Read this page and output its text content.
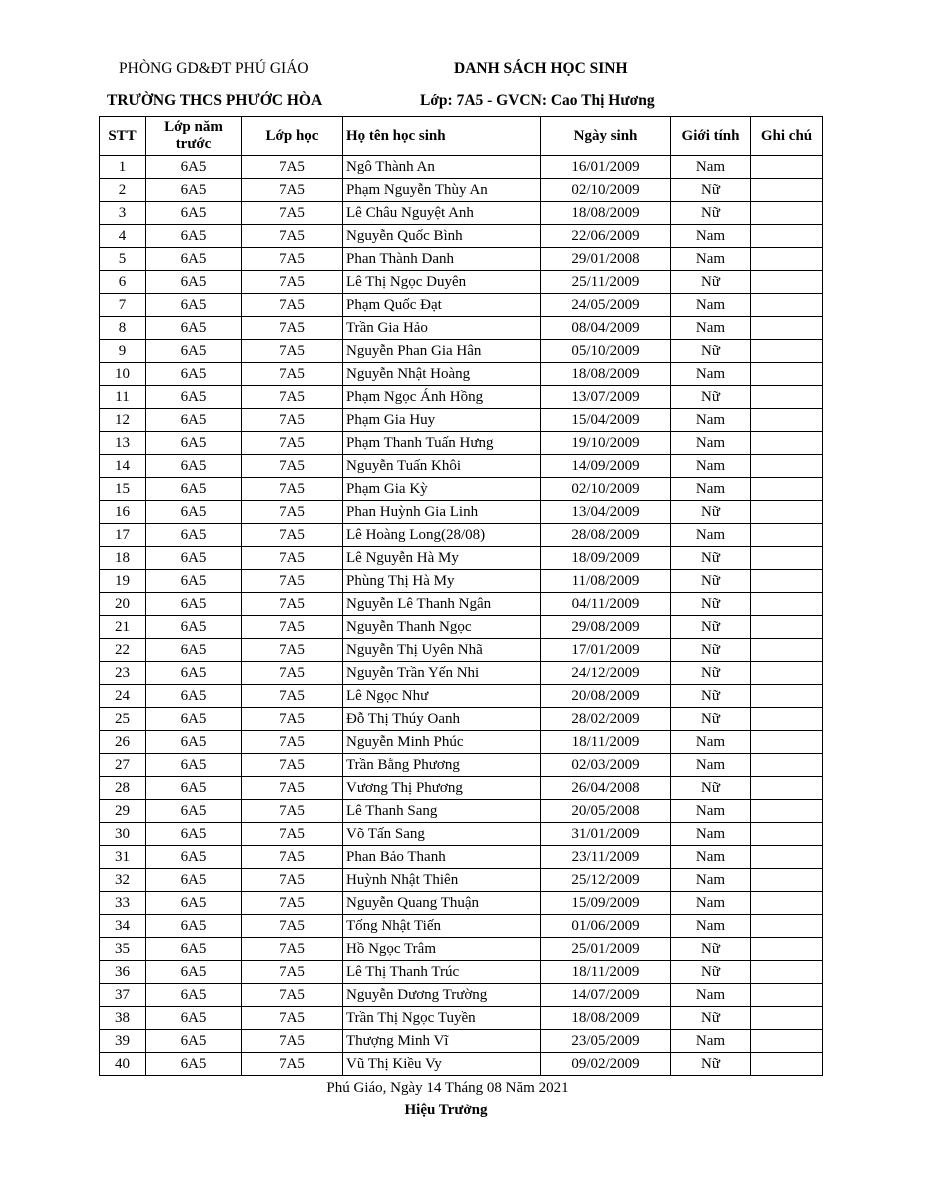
PHÒNG GD&ĐT PHÚ GIÁO
TRƯỜNG THCS PHƯỚC HÒA
DANH SÁCH HỌC SINH
Lớp: 7A5 - GVCN: Cao Thị Hương
STT	Lớp năm trước	Lớp học	Họ tên học sinh	Ngày sinh	Giới tính	Ghi chú
1	6A5	7A5	Ngô Thành An	16/01/2009	Nam	
2	6A5	7A5	Phạm Nguyễn Thùy An	02/10/2009	Nữ	
3	6A5	7A5	Lê Châu Nguyệt Anh	18/08/2009	Nữ	
4	6A5	7A5	Nguyễn Quốc Bình	22/06/2009	Nam	
5	6A5	7A5	Phan Thành Danh	29/01/2008	Nam	
6	6A5	7A5	Lê Thị Ngọc Duyên	25/11/2009	Nữ	
7	6A5	7A5	Phạm Quốc Đạt	24/05/2009	Nam	
8	6A5	7A5	Trần Gia Hảo	08/04/2009	Nam	
9	6A5	7A5	Nguyễn Phan Gia Hân	05/10/2009	Nữ	
10	6A5	7A5	Nguyễn Nhật Hoàng	18/08/2009	Nam	
11	6A5	7A5	Phạm Ngọc Ánh Hồng	13/07/2009	Nữ	
12	6A5	7A5	Phạm Gia Huy	15/04/2009	Nam	
13	6A5	7A5	Phạm Thanh Tuấn Hưng	19/10/2009	Nam	
14	6A5	7A5	Nguyễn Tuấn Khôi	14/09/2009	Nam	
15	6A5	7A5	Phạm Gia Kỳ	02/10/2009	Nam	
16	6A5	7A5	Phan Huỳnh Gia Linh	13/04/2009	Nữ	
17	6A5	7A5	Lê Hoàng Long(28/08)	28/08/2009	Nam	
18	6A5	7A5	Lê Nguyễn Hà My	18/09/2009	Nữ	
19	6A5	7A5	Phùng Thị Hà My	11/08/2009	Nữ	
20	6A5	7A5	Nguyễn Lê Thanh Ngân	04/11/2009	Nữ	
21	6A5	7A5	Nguyễn Thanh Ngọc	29/08/2009	Nữ	
22	6A5	7A5	Nguyễn Thị Uyên Nhã	17/01/2009	Nữ	
23	6A5	7A5	Nguyễn Trần Yến Nhi	24/12/2009	Nữ	
24	6A5	7A5	Lê Ngọc Như	20/08/2009	Nữ	
25	6A5	7A5	Đỗ Thị Thúy Oanh	28/02/2009	Nữ	
26	6A5	7A5	Nguyễn Minh Phúc	18/11/2009	Nam	
27	6A5	7A5	Trần Bằng Phương	02/03/2009	Nam	
28	6A5	7A5	Vương Thị Phương	26/04/2008	Nữ	
29	6A5	7A5	Lê Thanh Sang	20/05/2008	Nam	
30	6A5	7A5	Võ Tấn Sang	31/01/2009	Nam	
31	6A5	7A5	Phan Bảo Thanh	23/11/2009	Nam	
32	6A5	7A5	Huỳnh Nhật Thiên	25/12/2009	Nam	
33	6A5	7A5	Nguyễn Quang Thuận	15/09/2009	Nam	
34	6A5	7A5	Tống Nhật Tiến	01/06/2009	Nam	
35	6A5	7A5	Hồ Ngọc Trâm	25/01/2009	Nữ	
36	6A5	7A5	Lê Thị Thanh Trúc	18/11/2009	Nữ	
37	6A5	7A5	Nguyễn Dương Trường	14/07/2009	Nam	
38	6A5	7A5	Trần Thị Ngọc Tuyền	18/08/2009	Nữ	
39	6A5	7A5	Thượng Minh Vĩ	23/05/2009	Nam	
40	6A5	7A5	Vũ Thị Kiều Vy	09/02/2009	Nữ	
Phú Giáo, Ngày 14 Tháng 08 Năm 2021
Hiệu Trưởng
